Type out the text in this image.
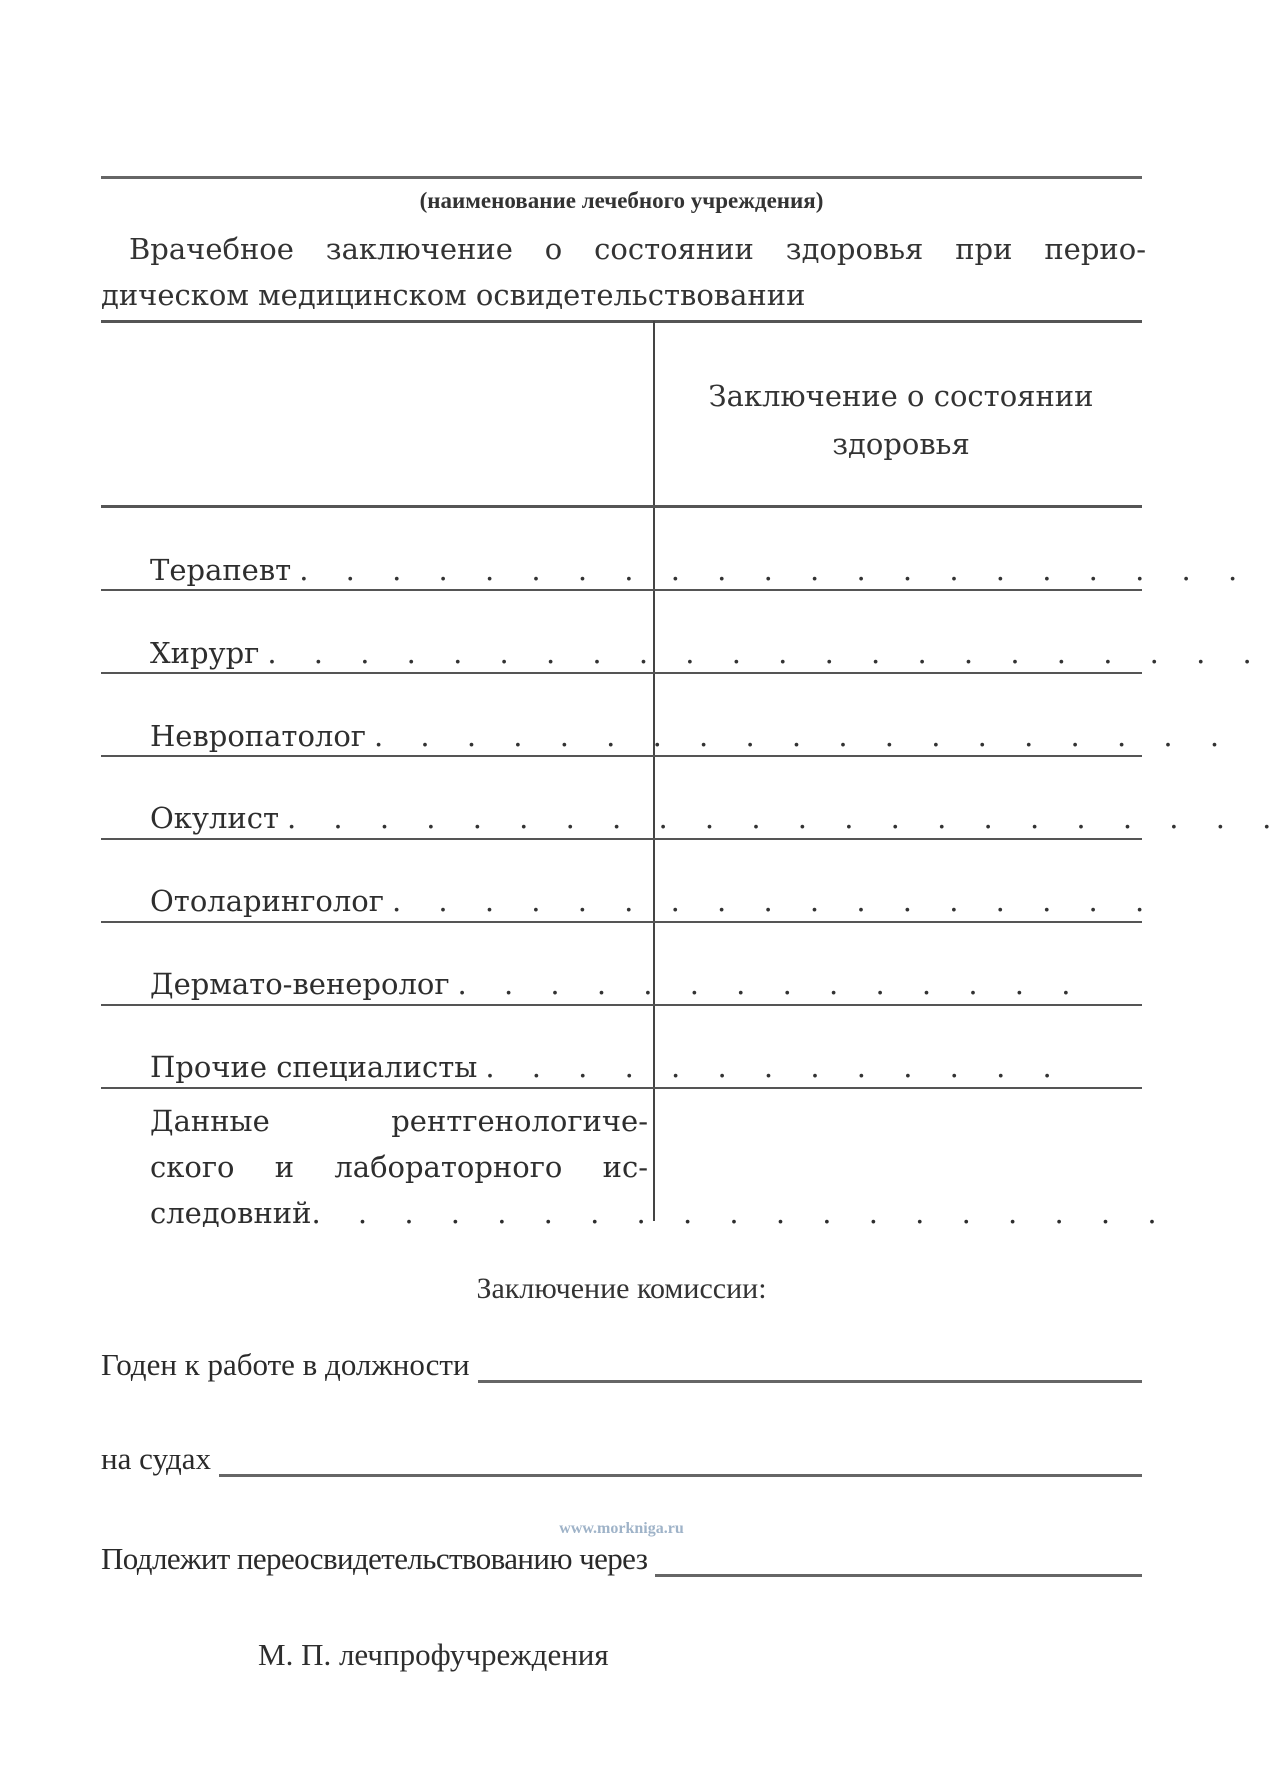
(наименование лечебного учреждения)
Врачебное заключение о состоянии здоровья при перио-
дическом медицинском освидетельствовании
Заключение о состоянии
здоровья
Терапевт . . . . . . . . . . . . . . . . . . . . .
Хирург . . . . . . . . . . . . . . . . . . . . . .
Невропатолог . . . . . . . . . . . . . . . . . . .
Окулист . . . . . . . . . . . . . . . . . . . . . .
Отоларинголог . . . . . . . . . . . . . . . . .
Дермато-венеролог . . . . . . . . . . . . . .
Прочие специалисты . . . . . . . . . . . . .
Данные рентгенологиче-
ского и лабораторного ис-
следовний . . . . . . . . . . . . . . . . . . .
Заключение комиссии:
Годен к работе в должности
на судах
www.morkniga.ru
Подлежит переосвидетельствованию через
М. П. лечпрофучреждения
